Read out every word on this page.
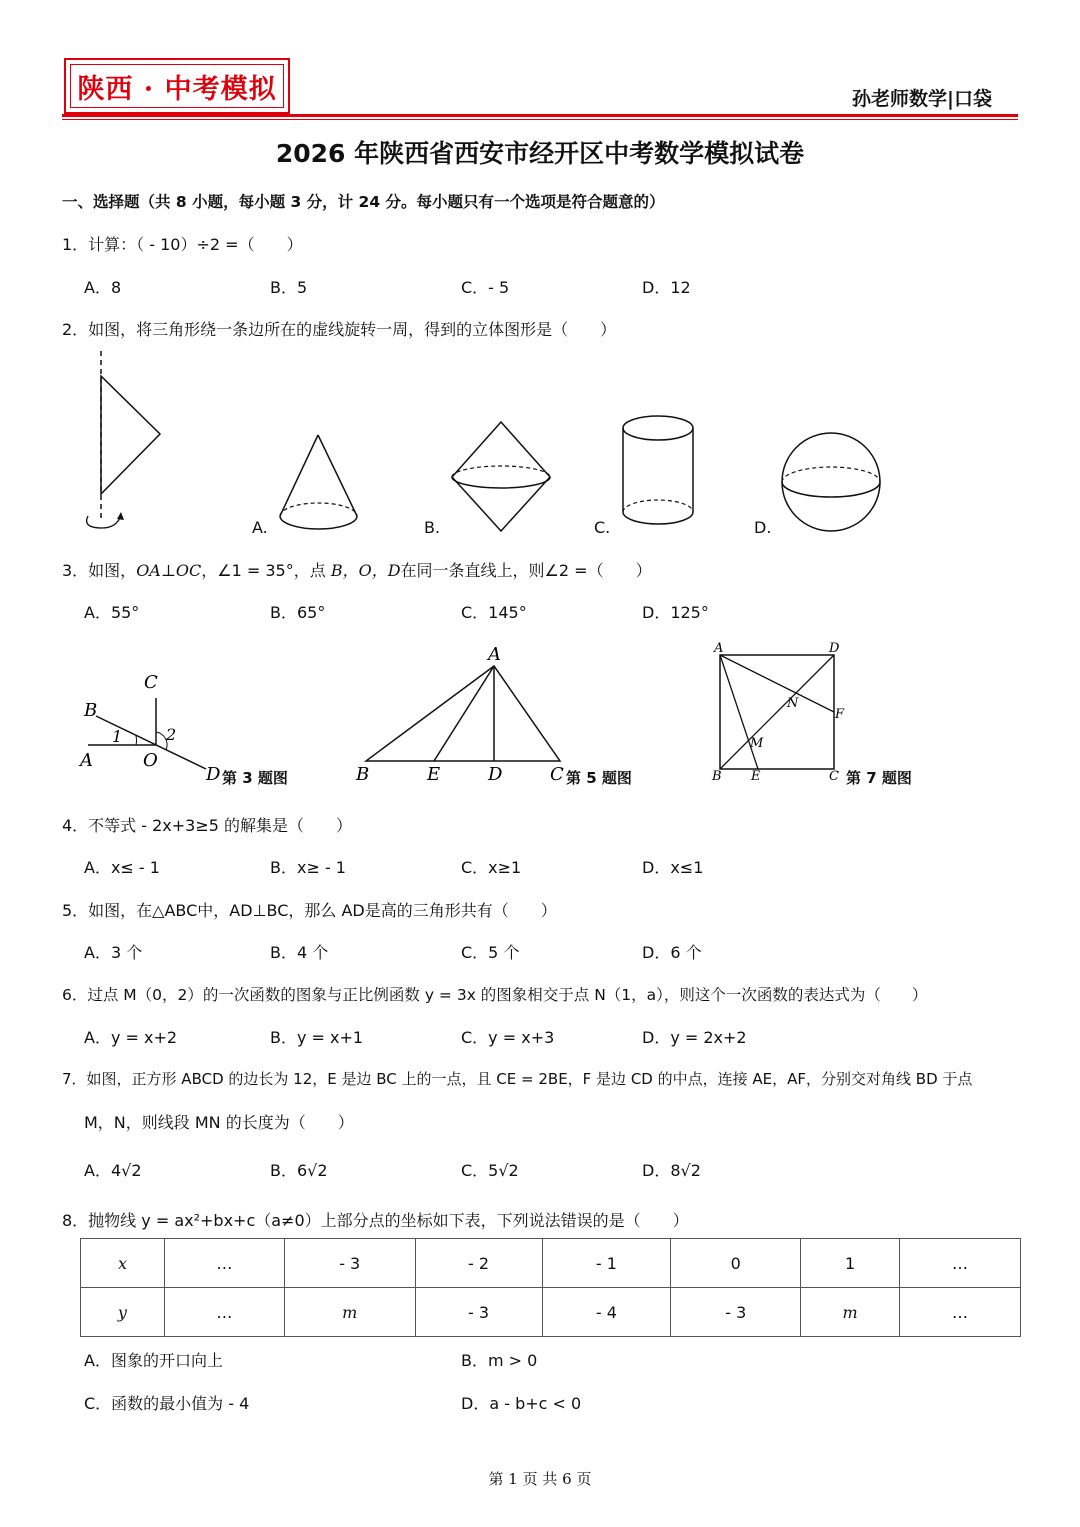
陕西 · 中考模拟	孙老师数学|口袋
2026 年陕西省西安市经开区中考数学模拟试卷
一、选择题（共 8 小题，每小题 3 分，计 24 分。每小题只有一个选项是符合题意的）
1．计算：（ - 10）÷2 =（　　）
A．8	B．5	C．- 5	D．12
2．如图，将三角形绕一条边所在的虚线旋转一周，得到的立体图形是（　　）
A.	B.	C.	D.
3．如图，OA⊥OC，∠1 = 35°，点 B，O，D在同一条直线上，则∠2 =（　　）
A．55°	B．65°	C．145°	D．125°
C
B
1	2
A	O
D 第 3 题图
A
B	E	D	C 第 5 题图
A	D
N
F
M
B E	C 第 7 题图
4．不等式 - 2x+3≥5 的解集是（　　）
A．x≤ - 1	B．x≥ - 1	C．x≥1	D．x≤1
5．如图，在△ABC中，AD⊥BC，那么 AD是高的三角形共有（　　）
A．3 个	B．4 个	C．5 个	D．6 个
6．过点 M（0，2）的一次函数的图象与正比例函数 y = 3x 的图象相交于点 N（1，a），则这个一次函数的表达式为（　　）
A．y = x+2	B．y = x+1	C．y = x+3	D．y = 2x+2
7．如图，正方形 ABCD 的边长为 12，E 是边 BC 上的一点，且 CE = 2BE，F 是边 CD 的中点，连接 AE，AF，分别交对角线 BD 于点
M，N，则线段 MN 的长度为（　　）
A．4√2	B．6√2	C．5√2	D．8√2
8．抛物线 y = ax²+bx+c（a≠0）上部分点的坐标如下表，下列说法错误的是（　　）
x	…	- 3	- 2	- 1	0	1	…
y	…	m	- 3	- 4	- 3	m	…
A．图象的开口向上	B．m > 0
C．函数的最小值为 - 4	D．a - b+c < 0
第 1 页 共 6 页
